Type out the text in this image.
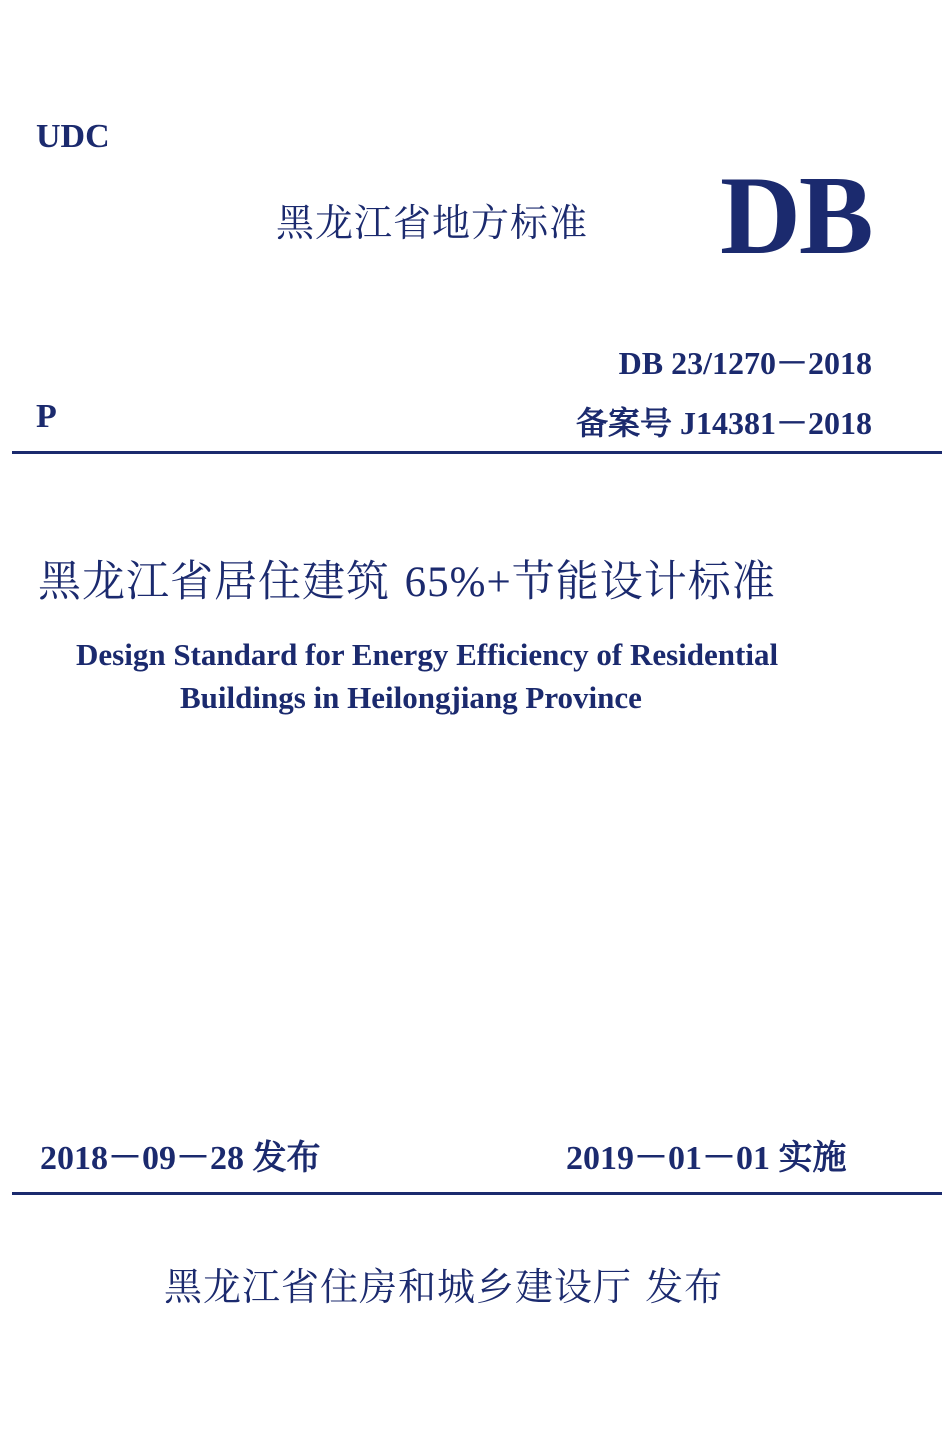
UDC
黑龙江省地方标准 DB
DB 23/1270－2018
P	备案号 J14381－2018
黑龙江省居住建筑 65%+节能设计标准
Design Standard for Energy Efficiency of Residential
Buildings in Heilongjiang Province
2018－09－28 发布	2019－01－01 实施
黑龙江省住房和城乡建设厅 发布
